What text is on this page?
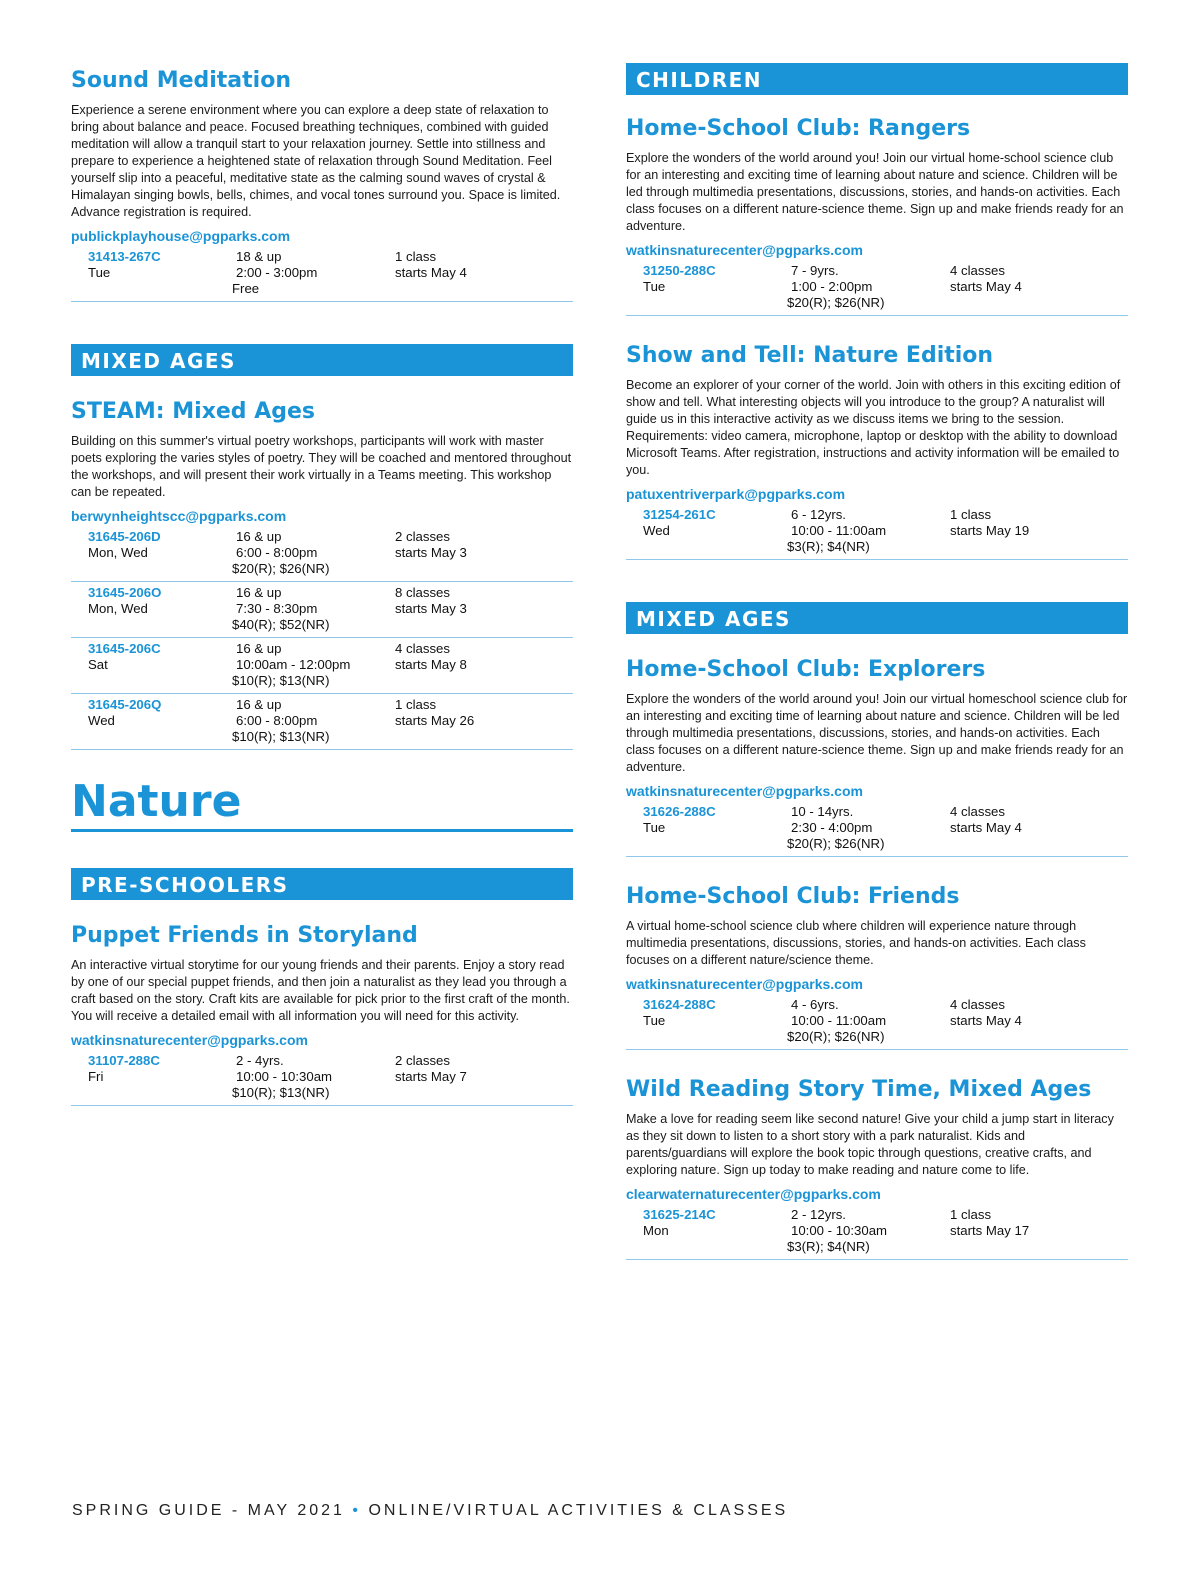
Sound Meditation
Experience a serene environment where you can explore a deep state of relaxation to bring about balance and peace. Focused breathing techniques, combined with guided meditation will allow a tranquil start to your relaxation journey. Settle into stillness and prepare to experience a heightened state of relaxation through Sound Meditation. Feel yourself slip into a peaceful, meditative state as the calming sound waves of crystal & Himalayan singing bowls, bells, chimes, and vocal tones surround you. Space is limited. Advance registration is required.
publickplayhouse@pgparks.com
31413-267C
Tue
18 & up
2:00 - 3:00pm
Free
1 class
starts May 4
MIXED AGES
STEAM: Mixed Ages
Building on this summer's virtual poetry workshops, participants will work with master poets exploring the varies styles of poetry. They will be coached and mentored throughout the workshops, and will present their work virtually in a Teams meeting. This workshop can be repeated.
berwynheightscc@pgparks.com
31645-206D
Mon, Wed
16 & up
6:00 - 8:00pm
$20(R); $26(NR)
2 classes
starts May 3
31645-206O
Mon, Wed
16 & up
7:30 - 8:30pm
$40(R); $52(NR)
8 classes
starts May 3
31645-206C
Sat
16 & up
10:00am - 12:00pm
$10(R); $13(NR)
4 classes
starts May 8
31645-206Q
Wed
16 & up
6:00 - 8:00pm
$10(R); $13(NR)
1 class
starts May 26
Nature
PRE-SCHOOLERS
Puppet Friends in Storyland
An interactive virtual storytime for our young friends and their parents. Enjoy a story read by one of our special puppet friends, and then join a naturalist as they lead you through a craft based on the story. Craft kits are available for pick prior to the first craft of the month. You will receive a detailed email with all information you will need for this activity.
watkinsnaturecenter@pgparks.com
31107-288C
Fri
2 - 4yrs.
10:00 - 10:30am
$10(R); $13(NR)
2 classes
starts May 7
CHILDREN
Home-School Club: Rangers
Explore the wonders of the world around you! Join our virtual home-school science club for an interesting and exciting time of learning about nature and science. Children will be led through multimedia presentations, discussions, stories, and hands-on activities. Each class focuses on a different nature-science theme. Sign up and make friends ready for an adventure.
watkinsnaturecenter@pgparks.com
31250-288C
Tue
7 - 9yrs.
1:00 - 2:00pm
$20(R); $26(NR)
4 classes
starts May 4
Show and Tell: Nature Edition
Become an explorer of your corner of the world. Join with others in this exciting edition of show and tell. What interesting objects will you introduce to the group? A naturalist will guide us in this interactive activity as we discuss items we bring to the session. Requirements: video camera, microphone, laptop or desktop with the ability to download Microsoft Teams. After registration, instructions and activity information will be emailed to you.
patuxentriverpark@pgparks.com
31254-261C
Wed
6 - 12yrs.
10:00 - 11:00am
$3(R); $4(NR)
1 class
starts May 19
MIXED AGES
Home-School Club: Explorers
Explore the wonders of the world around you! Join our virtual homeschool science club for an interesting and exciting time of learning about nature and science. Children will be led through multimedia presentations, discussions, stories, and hands-on activities. Each class focuses on a different nature-science theme. Sign up and make friends ready for an adventure.
watkinsnaturecenter@pgparks.com
31626-288C
Tue
10 - 14yrs.
2:30 - 4:00pm
$20(R); $26(NR)
4 classes
starts May 4
Home-School Club: Friends
A virtual home-school science club where children will experience nature through multimedia presentations, discussions, stories, and hands-on activities. Each class focuses on a different nature/science theme.
watkinsnaturecenter@pgparks.com
31624-288C
Tue
4 - 6yrs.
10:00 - 11:00am
$20(R); $26(NR)
4 classes
starts May 4
Wild Reading Story Time, Mixed Ages
Make a love for reading seem like second nature! Give your child a jump start in literacy as they sit down to listen to a short story with a park naturalist. Kids and parents/guardians will explore the book topic through questions, creative crafts, and exploring nature. Sign up today to make reading and nature come to life.
clearwaternaturecenter@pgparks.com
31625-214C
Mon
2 - 12yrs.
10:00 - 10:30am
$3(R); $4(NR)
1 class
starts May 17
SPRING GUIDE - MAY 2021 • ONLINE/VIRTUAL ACTIVITIES & CLASSES
